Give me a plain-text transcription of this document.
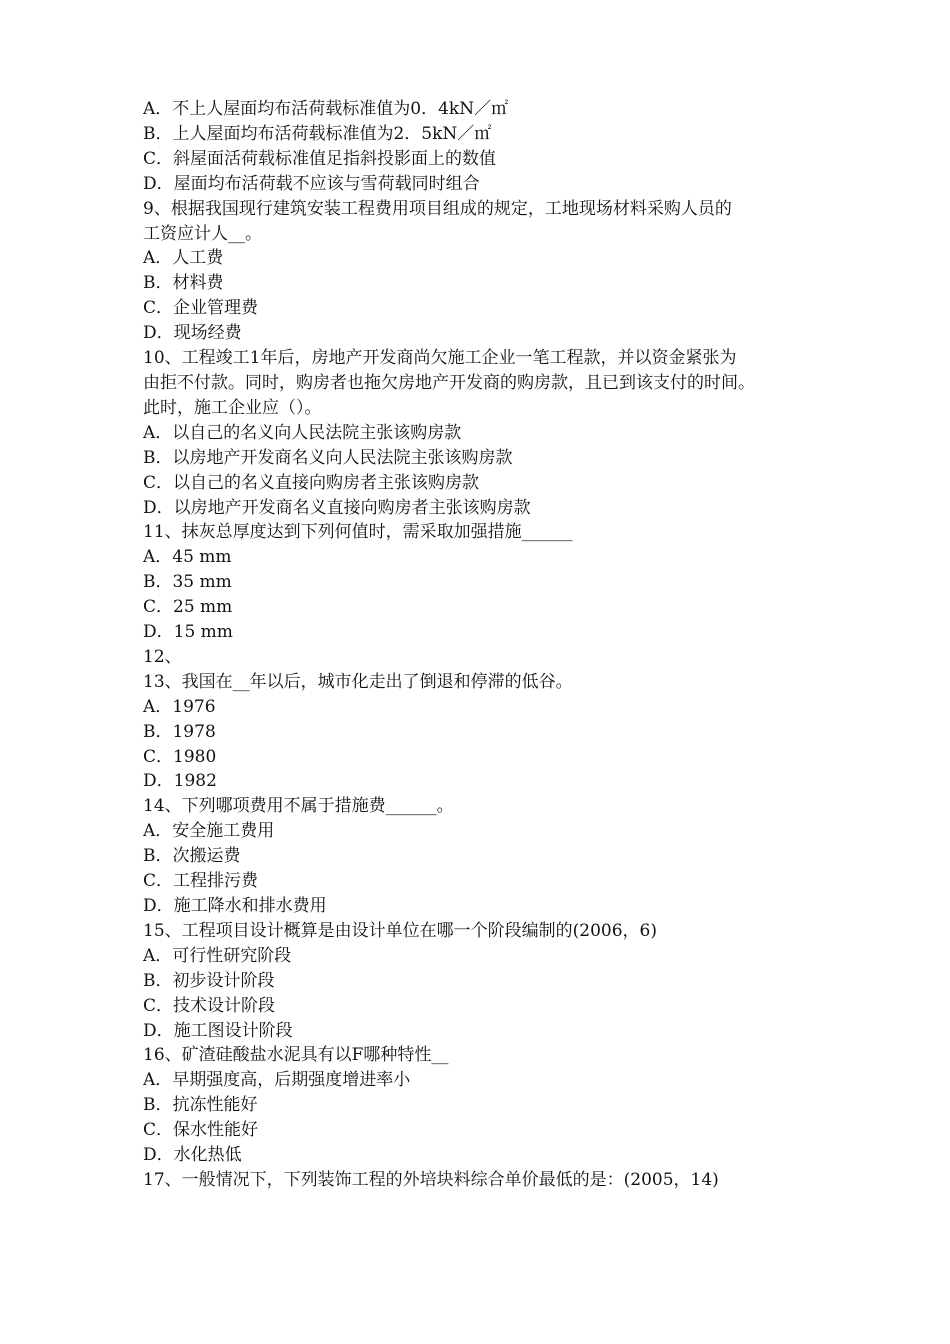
A．不上人屋面均布活荷载标准值为0．4kN／㎡
B．上人屋面均布活荷载标准值为2．5kN／㎡
C．斜屋面活荷载标准值足指斜投影面上的数值
D．屋面均布活荷载不应该与雪荷载同时组合
9、根据我国现行建筑安装工程费用项目组成的规定，工地现场材料采购人员的
工资应计人__。
A．人工费
B．材料费
C．企业管理费
D．现场经费
10、工程竣工1年后，房地产开发商尚欠施工企业一笔工程款，并以资金紧张为
由拒不付款。同时，购房者也拖欠房地产开发商的购房款，且已到该支付的时间。
此时，施工企业应（）。
A．以自己的名义向人民法院主张该购房款
B．以房地产开发商名义向人民法院主张该购房款
C．以自己的名义直接向购房者主张该购房款
D．以房地产开发商名义直接向购房者主张该购房款
11、抹灰总厚度达到下列何值时，需采取加强措施______
A．45 mm
B．35 mm
C．25 mm
D．15 mm
12、
13、我国在__年以后，城市化走出了倒退和停滞的低谷。
A．1976
B．1978
C．1980
D．1982
14、下列哪项费用不属于措施费______。
A．安全施工费用
B．次搬运费
C．工程排污费
D．施工降水和排水费用
15、工程项目设计概算是由设计单位在哪一个阶段编制的(2006，6)
A．可行性研究阶段
B．初步设计阶段
C．技术设计阶段
D．施工图设计阶段
16、矿渣硅酸盐水泥具有以F哪种特性__
A．早期强度高，后期强度增进率小
B．抗冻性能好
C．保水性能好
D．水化热低
17、一般情况下，下列装饰工程的外培块料综合单价最低的是：(2005，14)
